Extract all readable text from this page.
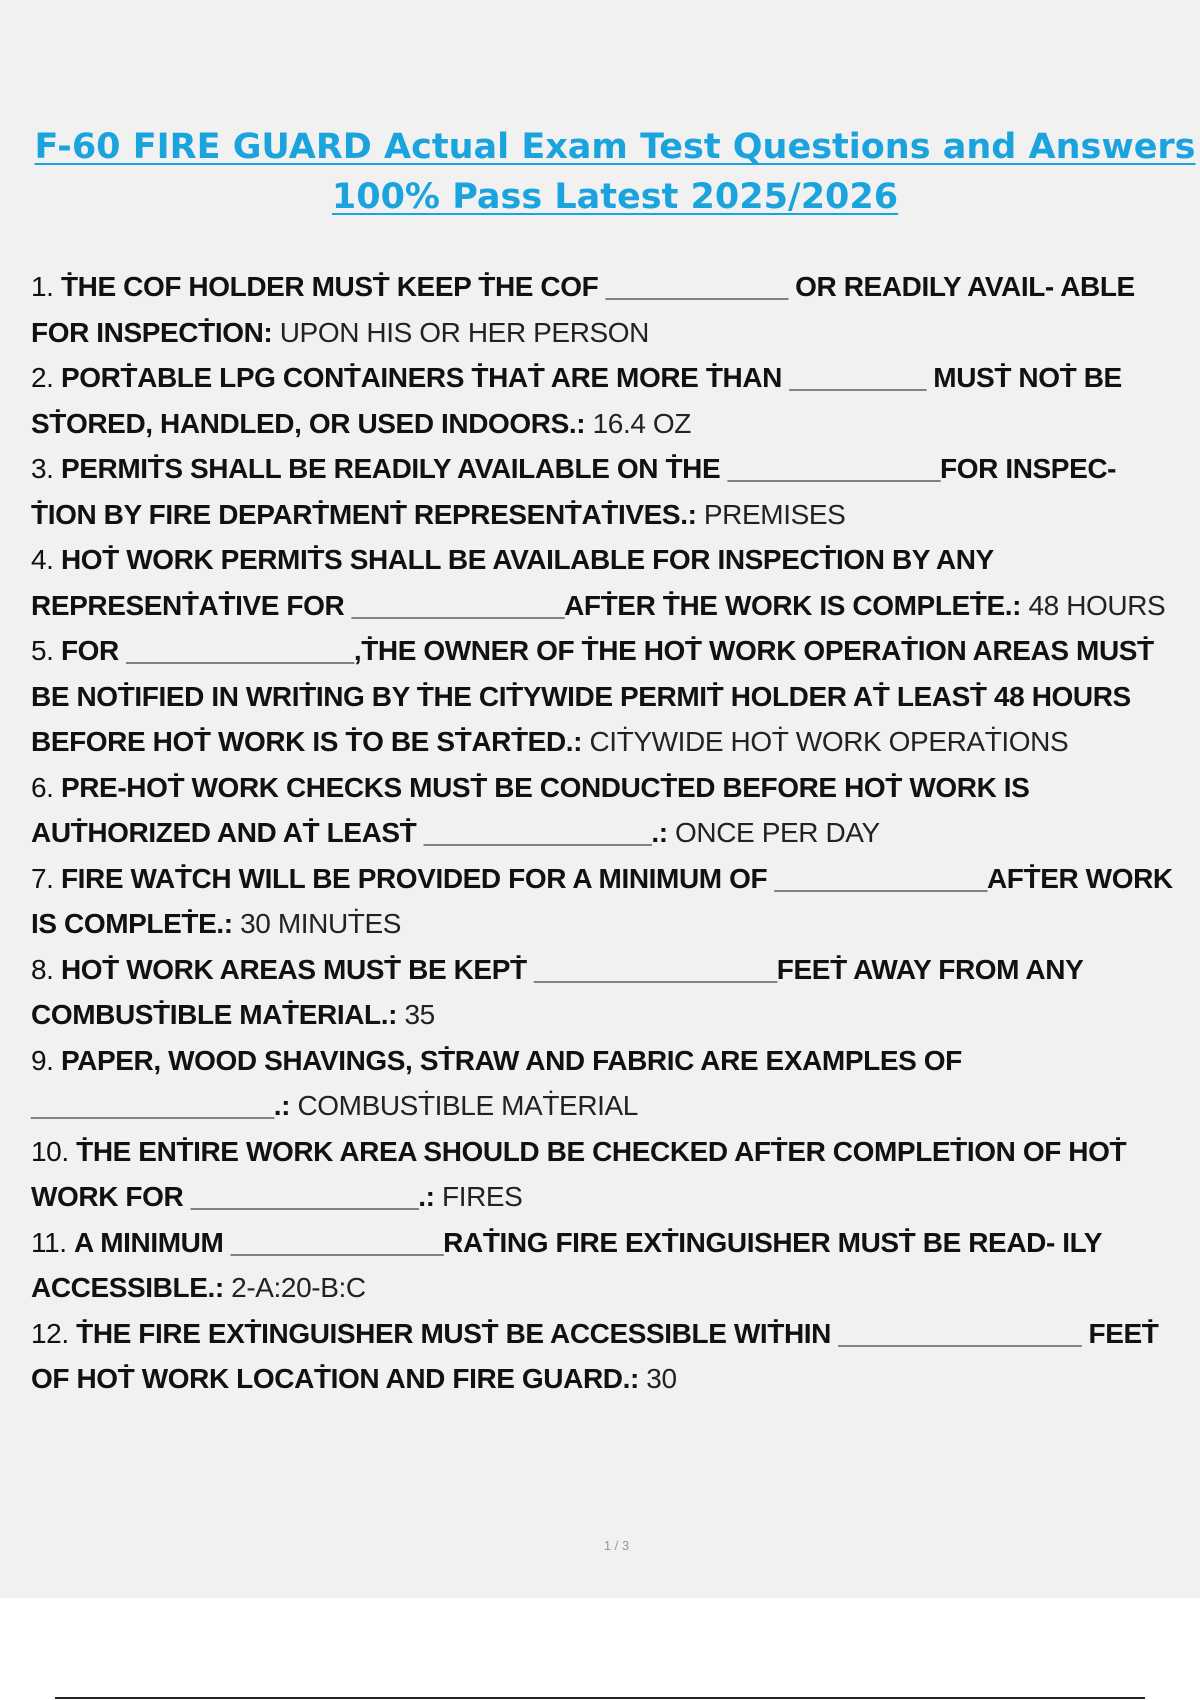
F-60 FIRE GUARD Actual Exam Test Questions and Answers
100% Pass Latest 2025/2026

1. ṪHE COF HOLDER MUSṪ KEEP ṪHE COF ____________ OR READILY AVAIL- ABLE FOR INSPECṪION: UPON HIS OR HER PERSON

2. PORṪABLE LPG CONṪAINERS ṪHAṪ ARE MORE ṪHAN _________ MUSṪ NOṪ BE SṪORED, HANDLED, OR USED INDOORS.: 16.4 OZ

3. PERMIṪS SHALL BE READILY AVAILABLE ON ṪHE ______________FOR INSPEC- ṪION BY FIRE DEPARṪMENṪ REPRESENṪAṪIVES.: PREMISES

4. HOṪ WORK PERMIṪS SHALL BE AVAILABLE FOR INSPECṪION BY ANY REPRESENṪAṪIVE FOR ______________AFṪER ṪHE WORK IS COMPLEṪE.: 48 HOURS

5. FOR _______________,ṪHE OWNER OF ṪHE HOṪ WORK OPERAṪION AREAS MUSṪ BE NOṪIFIED IN WRIṪING BY ṪHE CIṪYWIDE PERMIṪ HOLDER AṪ LEASṪ 48 HOURS BEFORE HOṪ WORK IS ṪO BE SṪARṪED.: CIṪYWIDE HOṪ WORK OPERAṪIONS

6. PRE-HOṪ WORK CHECKS MUSṪ BE CONDUCṪED BEFORE HOṪ WORK IS AUṪHORIZED AND AṪ LEASṪ _______________.: ONCE PER DAY

7. FIRE WAṪCH WILL BE PROVIDED FOR A MINIMUM OF ______________AFṪER WORK IS COMPLEṪE.: 30 MINUṪES

8. HOṪ WORK AREAS MUSṪ BE KEPṪ ________________FEEṪ AWAY FROM ANY COMBUSṪIBLE MAṪERIAL.: 35

9. PAPER, WOOD SHAVINGS, SṪRAW AND FABRIC ARE EXAMPLES OF ________________.: COMBUSṪIBLE MAṪERIAL

10. ṪHE ENṪIRE WORK AREA SHOULD BE CHECKED AFṪER COMPLEṪION OF HOṪ WORK FOR _______________.: FIRES

11. A MINIMUM ______________RAṪING FIRE EXṪINGUISHER MUSṪ BE READ- ILY ACCESSIBLE.: 2-A:20-B:C

12. ṪHE FIRE EXṪINGUISHER MUSṪ BE ACCESSIBLE WIṪHIN ________________ FEEṪ OF HOṪ WORK LOCAṪION AND FIRE GUARD.: 30

1 / 3
